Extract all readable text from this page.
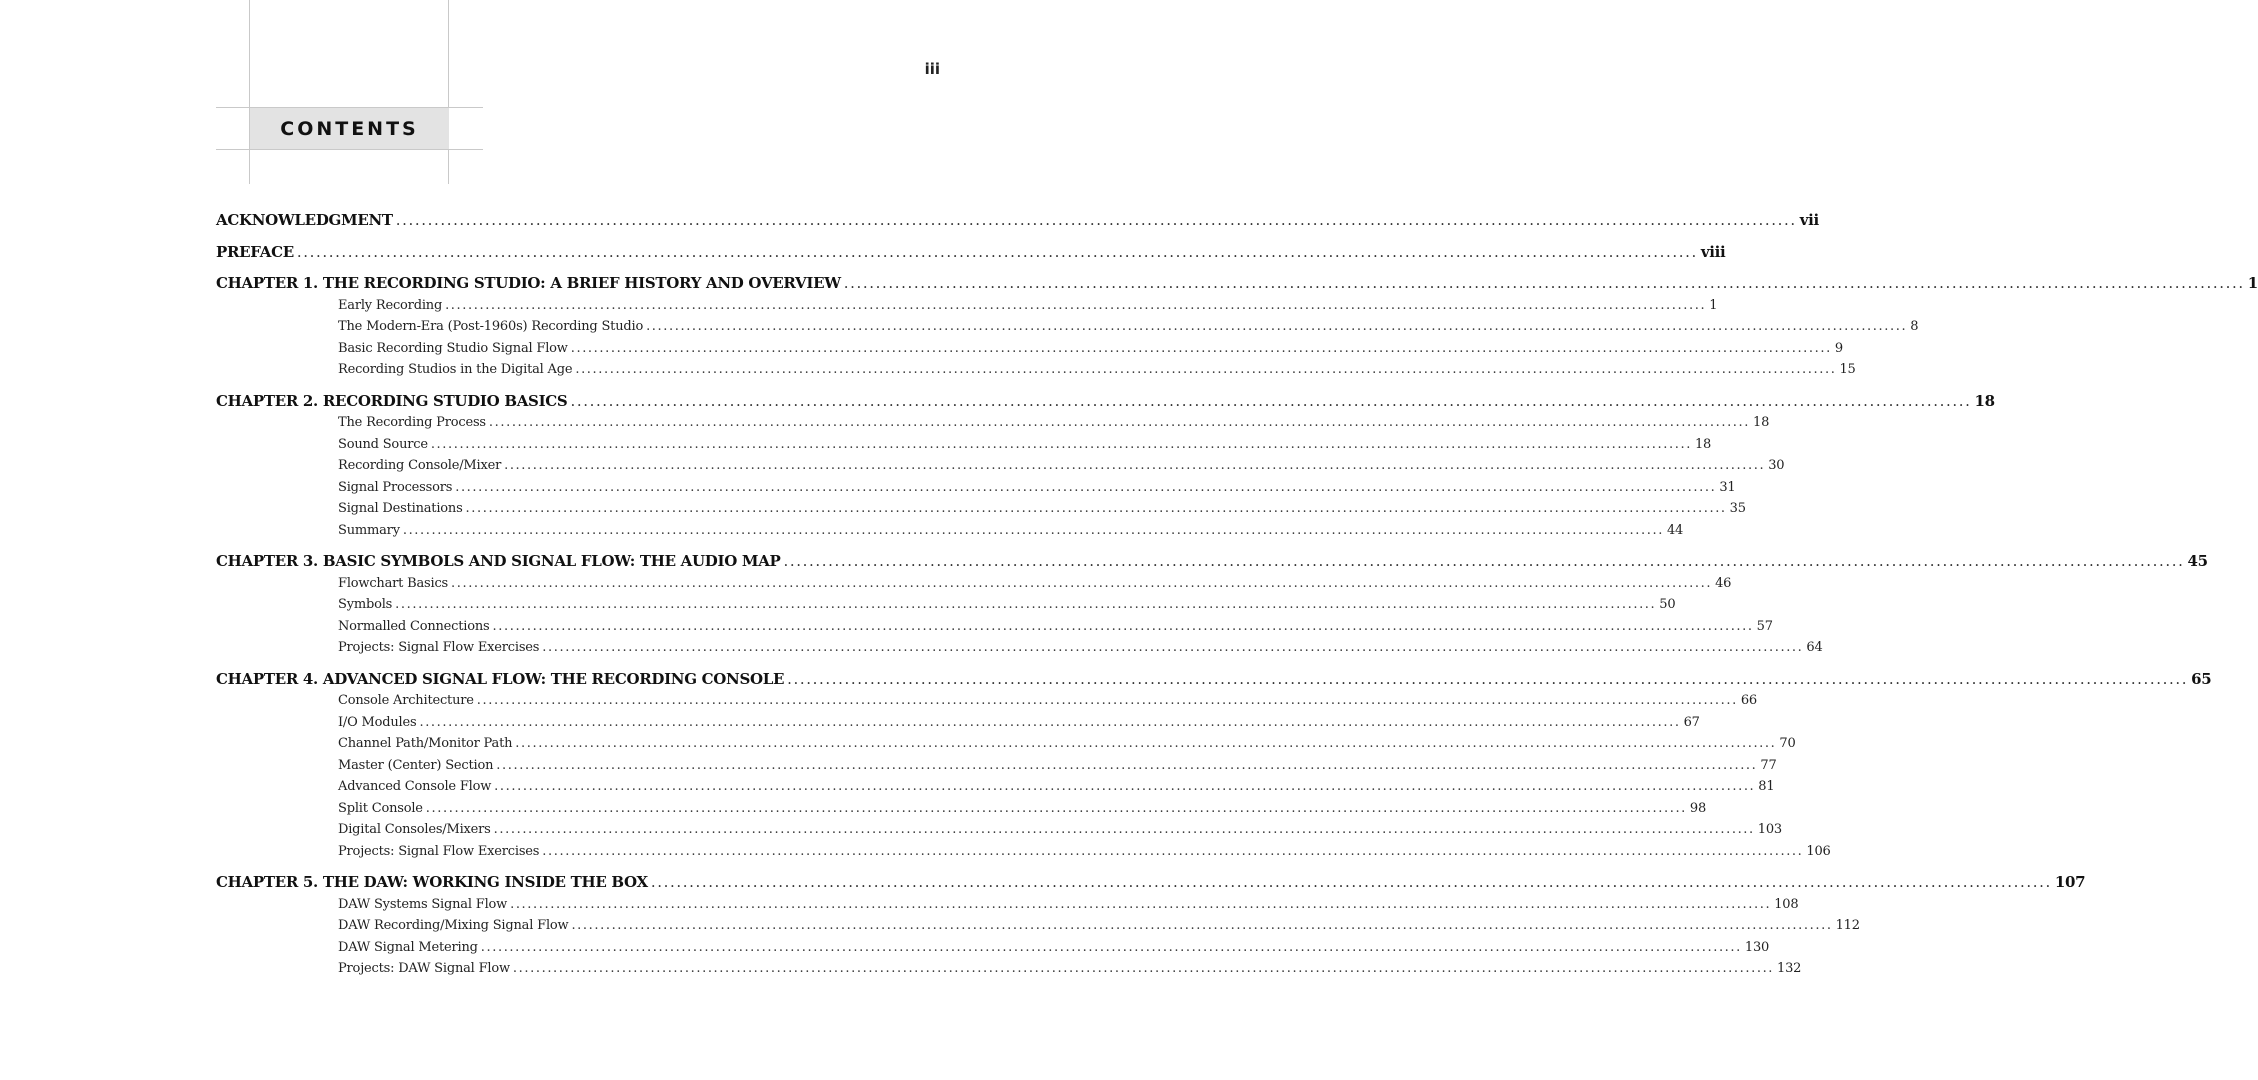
iii
CONTENTS
ACKNOWLEDGMENT ............................................................................................................................................................................................................................ vii
PREFACE ............................................................................................................................................................................................................................ viii
CHAPTER 1. THE RECORDING STUDIO: A BRIEF HISTORY AND OVERVIEW ............................................................................................................................................................................................................................ 1
Early Recording ............................................................................................................................................................................................................................ 1
The Modern-Era (Post-1960s) Recording Studio ............................................................................................................................................................................................................................ 8
Basic Recording Studio Signal Flow ............................................................................................................................................................................................................................ 9
Recording Studios in the Digital Age ............................................................................................................................................................................................................................ 15
CHAPTER 2. RECORDING STUDIO BASICS ............................................................................................................................................................................................................................ 18
The Recording Process ............................................................................................................................................................................................................................ 18
Sound Source ............................................................................................................................................................................................................................ 18
Recording Console/Mixer ............................................................................................................................................................................................................................ 30
Signal Processors ............................................................................................................................................................................................................................ 31
Signal Destinations ............................................................................................................................................................................................................................ 35
Summary ............................................................................................................................................................................................................................ 44
CHAPTER 3. BASIC SYMBOLS AND SIGNAL FLOW: THE AUDIO MAP ............................................................................................................................................................................................................................ 45
Flowchart Basics ............................................................................................................................................................................................................................ 46
Symbols ............................................................................................................................................................................................................................ 50
Normalled Connections ............................................................................................................................................................................................................................ 57
Projects: Signal Flow Exercises ............................................................................................................................................................................................................................ 64
CHAPTER 4. ADVANCED SIGNAL FLOW: THE RECORDING CONSOLE ............................................................................................................................................................................................................................ 65
Console Architecture ............................................................................................................................................................................................................................ 66
I/O Modules ............................................................................................................................................................................................................................ 67
Channel Path/Monitor Path ............................................................................................................................................................................................................................ 70
Master (Center) Section ............................................................................................................................................................................................................................ 77
Advanced Console Flow ............................................................................................................................................................................................................................ 81
Split Console ............................................................................................................................................................................................................................ 98
Digital Consoles/Mixers ............................................................................................................................................................................................................................ 103
Projects: Signal Flow Exercises ............................................................................................................................................................................................................................ 106
CHAPTER 5. THE DAW: WORKING INSIDE THE BOX ............................................................................................................................................................................................................................ 107
DAW Systems Signal Flow ............................................................................................................................................................................................................................ 108
DAW Recording/Mixing Signal Flow ............................................................................................................................................................................................................................ 112
DAW Signal Metering ............................................................................................................................................................................................................................ 130
Projects: DAW Signal Flow ............................................................................................................................................................................................................................ 132
